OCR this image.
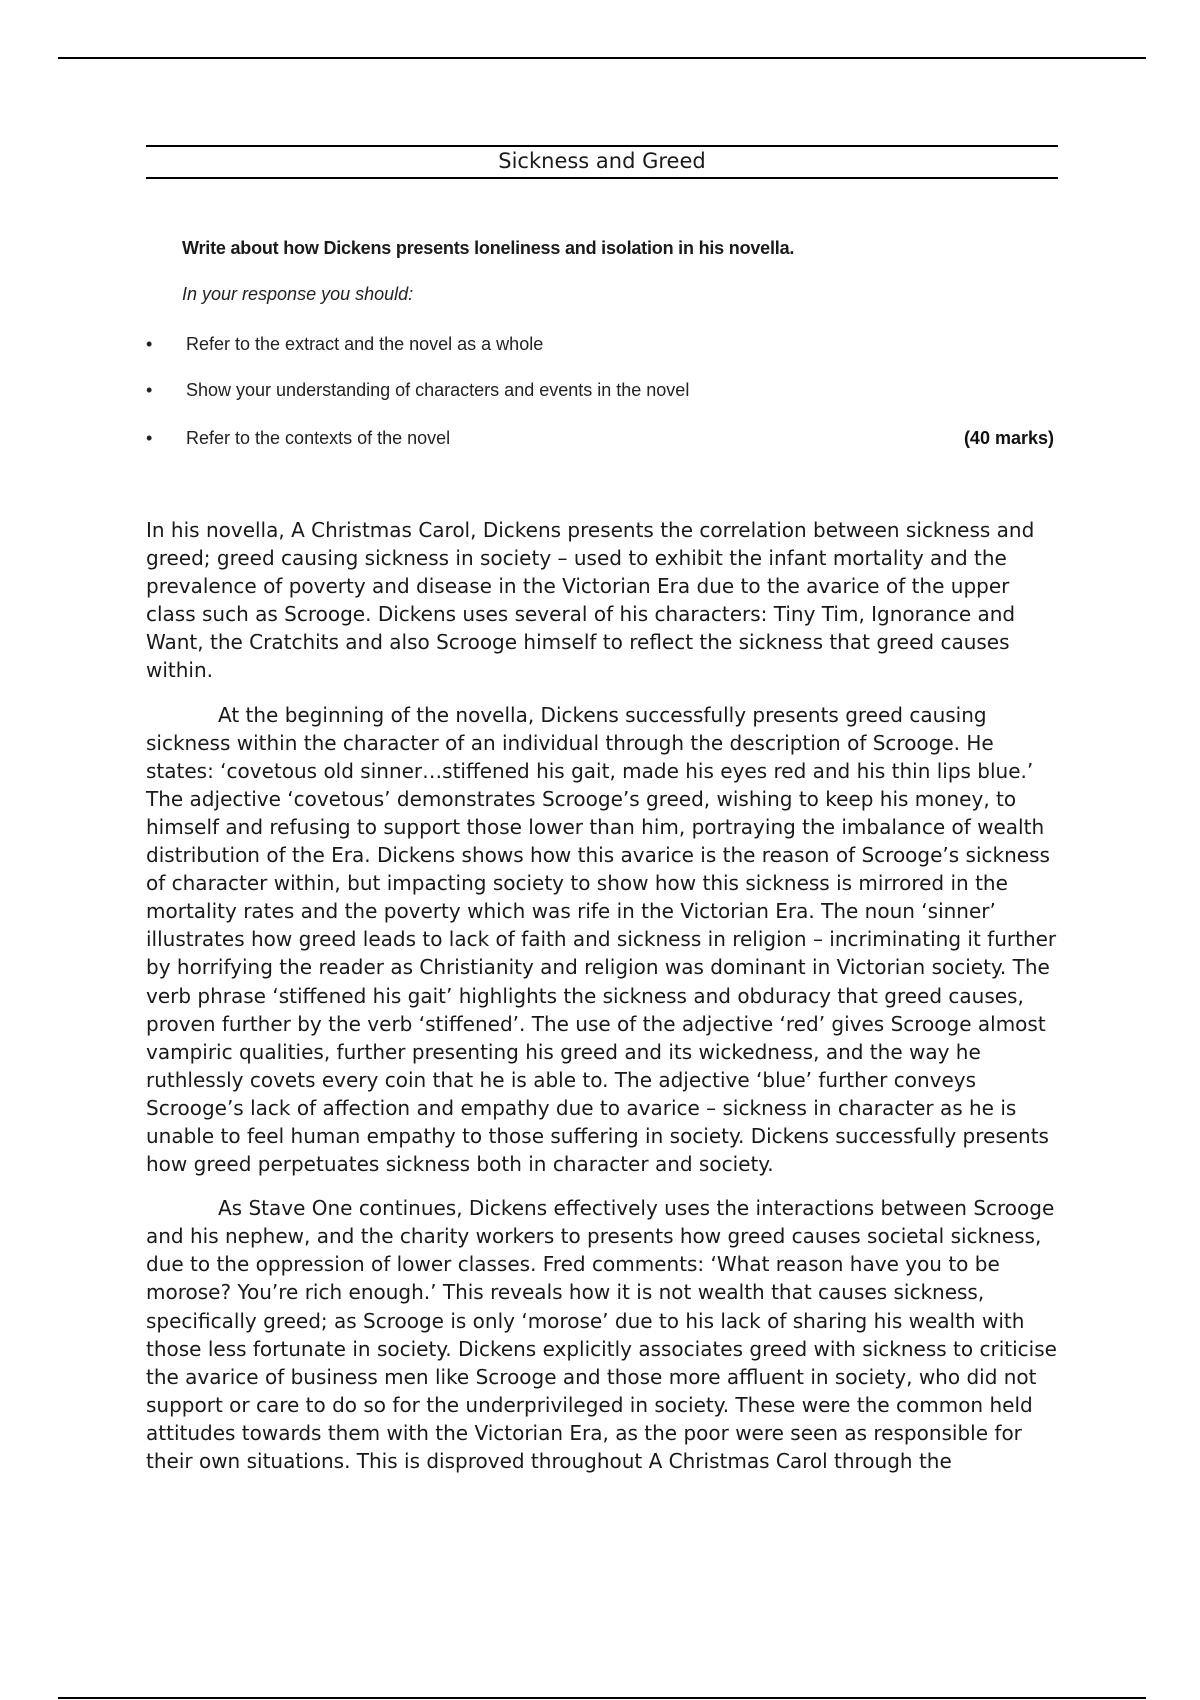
Sickness and Greed
Write about how Dickens presents loneliness and isolation in his novella.
In your response you should:
• Refer to the extract and the novel as a whole
• Show your understanding of characters and events in the novel
• Refer to the contexts of the novel	(40 marks)

In his novella, A Christmas Carol, Dickens presents the correlation between sickness and greed; greed causing sickness in society – used to exhibit the infant mortality and the prevalence of poverty and disease in the Victorian Era due to the avarice of the upper class such as Scrooge. Dickens uses several of his characters: Tiny Tim, Ignorance and Want, the Cratchits and also Scrooge himself to reflect the sickness that greed causes within.

At the beginning of the novella, Dickens successfully presents greed causing sickness within the character of an individual through the description of Scrooge. He states: ‘covetous old sinner…stiffened his gait, made his eyes red and his thin lips blue.’ The adjective ‘covetous’ demonstrates Scrooge’s greed, wishing to keep his money, to himself and refusing to support those lower than him, portraying the imbalance of wealth distribution of the Era. Dickens shows how this avarice is the reason of Scrooge’s sickness of character within, but impacting society to show how this sickness is mirrored in the mortality rates and the poverty which was rife in the Victorian Era. The noun ‘sinner’ illustrates how greed leads to lack of faith and sickness in religion – incriminating it further by horrifying the reader as Christianity and religion was dominant in Victorian society. The verb phrase ‘stiffened his gait’ highlights the sickness and obduracy that greed causes, proven further by the verb ‘stiffened’. The use of the adjective ‘red’ gives Scrooge almost vampiric qualities, further presenting his greed and its wickedness, and the way he ruthlessly covets every coin that he is able to. The adjective ‘blue’ further conveys Scrooge’s lack of affection and empathy due to avarice – sickness in character as he is unable to feel human empathy to those suffering in society. Dickens successfully presents how greed perpetuates sickness both in character and society.

As Stave One continues, Dickens effectively uses the interactions between Scrooge and his nephew, and the charity workers to presents how greed causes societal sickness, due to the oppression of lower classes. Fred comments: ‘What reason have you to be morose? You’re rich enough.’ This reveals how it is not wealth that causes sickness, specifically greed; as Scrooge is only ‘morose’ due to his lack of sharing his wealth with those less fortunate in society. Dickens explicitly associates greed with sickness to criticise the avarice of business men like Scrooge and those more affluent in society, who did not support or care to do so for the underprivileged in society. These were the common held attitudes towards them with the Victorian Era, as the poor were seen as responsible for their own situations. This is disproved throughout A Christmas Carol through the
